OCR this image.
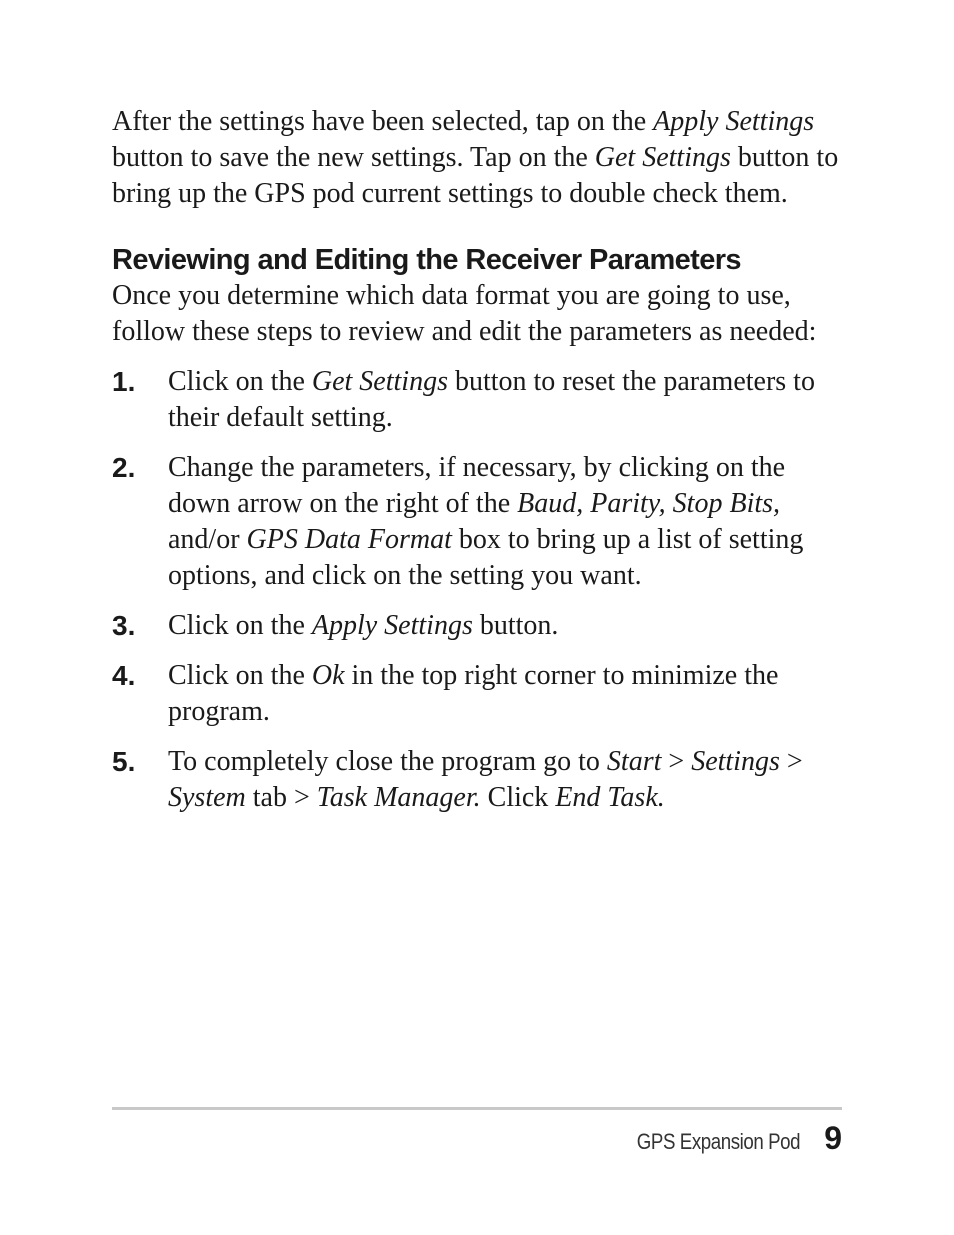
After the settings have been selected, tap on the Apply Settings button to save the new settings. Tap on the Get Settings button to bring up the GPS pod current settings to double check them.

Reviewing and Editing the Receiver Parameters

Once you determine which data format you are going to use, follow these steps to review and edit the parameters as needed:

1.	Click on the Get Settings button to reset the parameters to their default setting.
2.	Change the parameters, if necessary, by clicking on the down arrow on the right of the Baud, Parity, Stop Bits, and/or GPS Data Format box to bring up a list of setting options, and click on the setting you want.
3.	Click on the Apply Settings button.
4.	Click on the Ok in the top right corner to minimize the program.
5.	To completely close the program go to Start > Settings > System tab > Task Manager. Click End Task.
GPS Expansion Pod 9
